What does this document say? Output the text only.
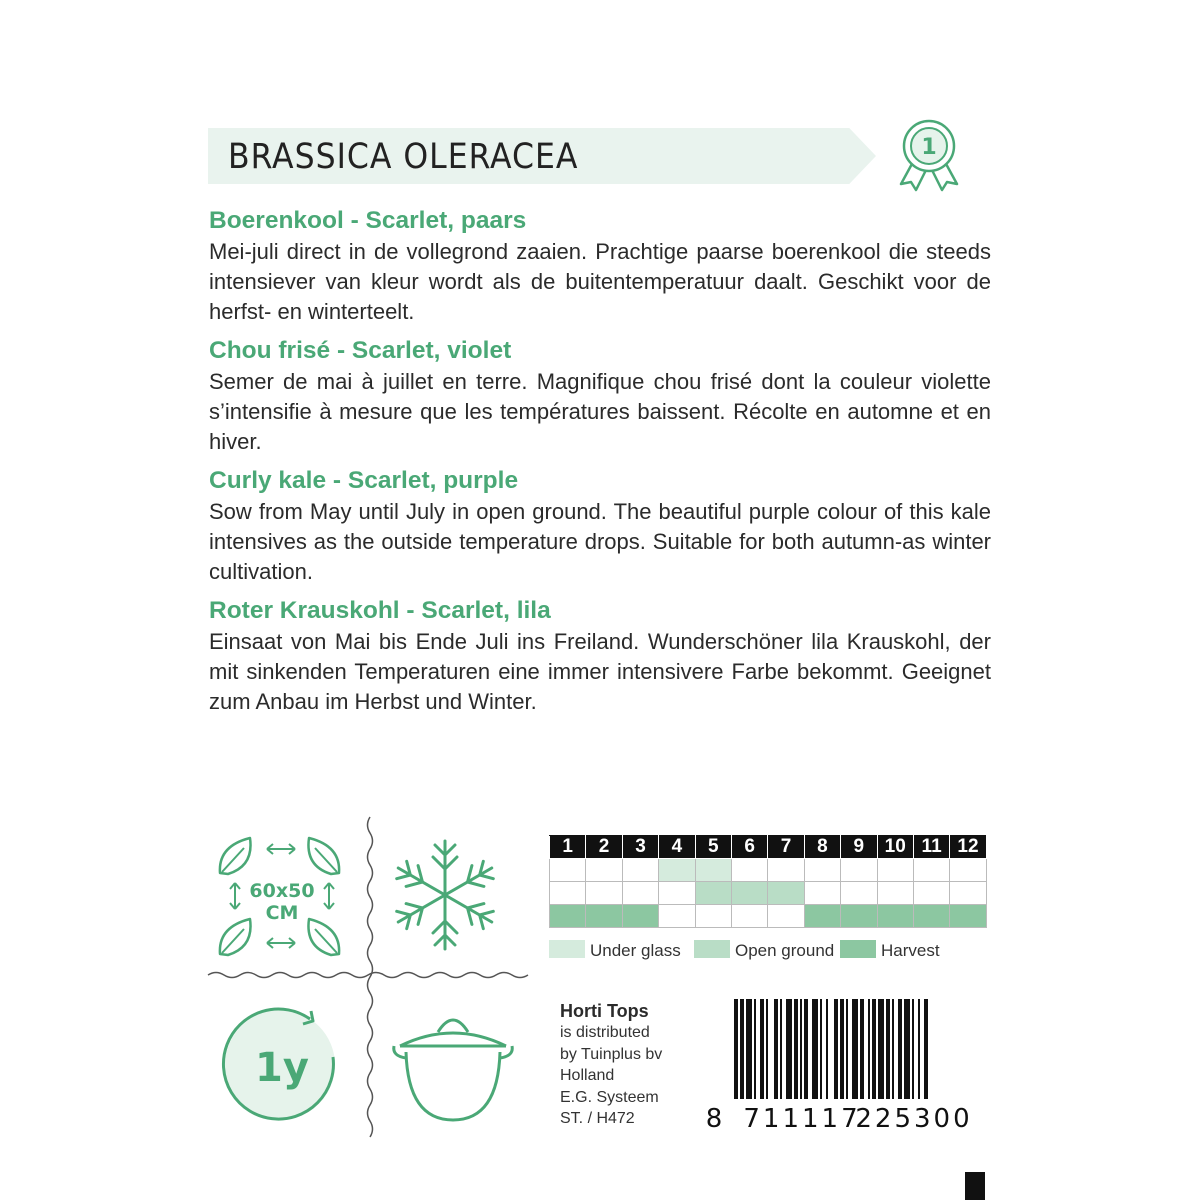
BRASSICA OLERACEA	1
Boerenkool - Scarlet, paars
Mei-juli direct in de vollegrond zaaien. Prachtige paarse boerenkool die steeds intensiever van kleur wordt als de buitentemperatuur daalt. Geschikt voor de herfst- en winterteelt.
Chou frisé - Scarlet, violet
Semer de mai à juillet en terre. Magnifique chou frisé dont la couleur violette s’intensifie à mesure que les températures baissent. Récolte en automne et en hiver.
Curly kale - Scarlet, purple
Sow from May until July in open ground. The beautiful purple colour of this kale intensives as the outside temperature drops. Suitable for both autumn-as winter cultivation.
Roter Krauskohl - Scarlet, lila
Einsaat von Mai bis Ende Juli ins Freiland. Wunderschöner lila Krauskohl, der mit sinkenden Temperaturen eine immer intensivere Farbe bekommt. Geeignet zum Anbau im Herbst und Winter.
60x50
CM
1y
1	2	3	4	5	6	7	8	9	10	11	12

Under glass	Open ground	Harvest
Horti Tops
is distributed
by Tuinplus bv
Holland
E.G. Systeem
ST. / H472	8 711117
225300
